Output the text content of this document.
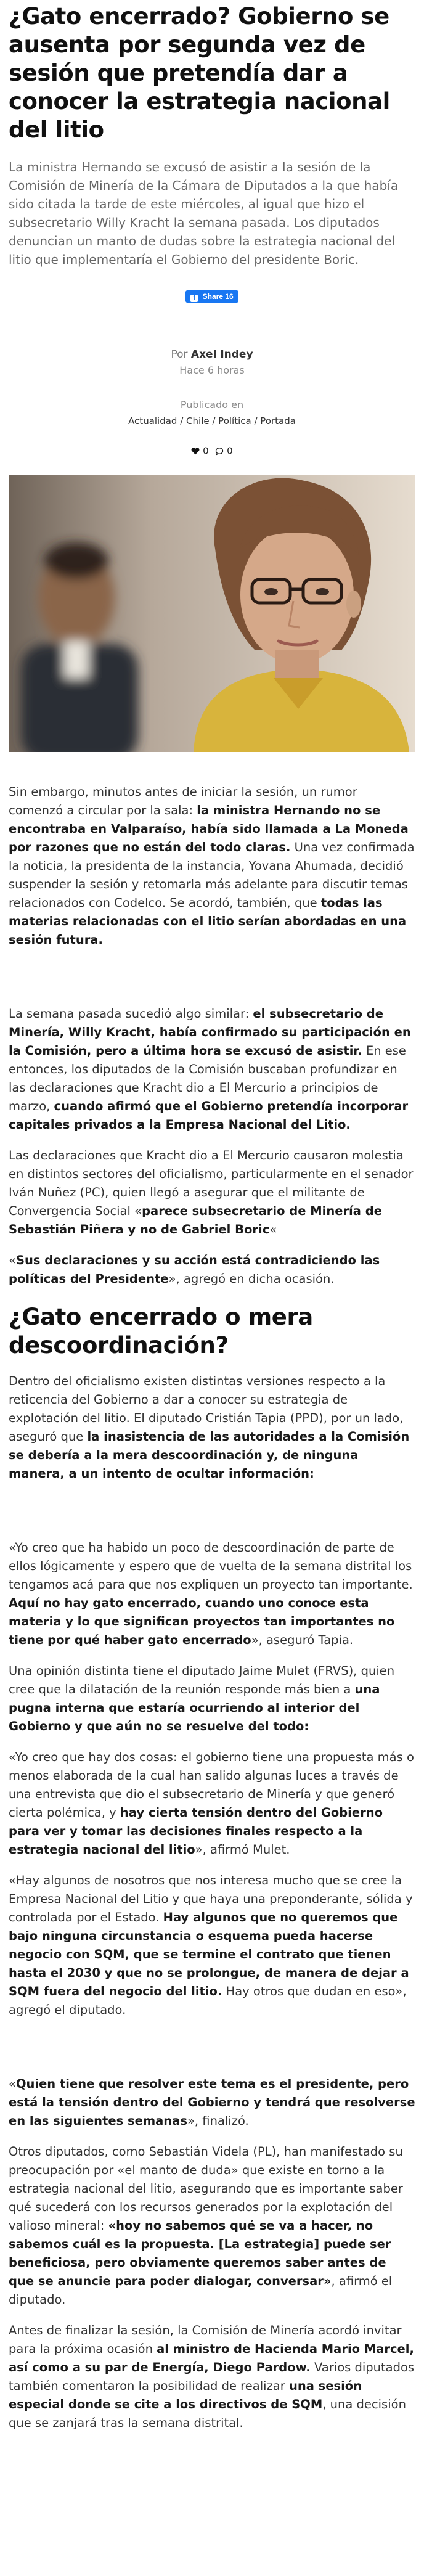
¿Gato encerrado? Gobierno se ausenta por segunda vez de sesión que pretendía dar a conocer la estrategia nacional del litio

La ministra Hernando se excusó de asistir a la sesión de la Comisión de Minería de la Cámara de Diputados a la que había sido citada la tarde de este miércoles, al igual que hizo el subsecretario Willy Kracht la semana pasada. Los diputados denuncian un manto de dudas sobre la estrategia nacional del litio que implementaría el Gobierno del presidente Boric.

f Share 16
Por Axel Indey
Hace 6 horas
Publicado en
Actualidad / Chile / Política / Portada
0 0

Sin embargo, minutos antes de iniciar la sesión, un rumor comenzó a circular por la sala: la ministra Hernando no se encontraba en Valparaíso, había sido llamada a La Moneda por razones que no están del todo claras. Una vez confirmada la noticia, la presidenta de la instancia, Yovana Ahumada, decidió suspender la sesión y retomarla más adelante para discutir temas relacionados con Codelco. Se acordó, también, que todas las materias relacionadas con el litio serían abordadas en una sesión futura.

La semana pasada sucedió algo similar: el subsecretario de Minería, Willy Kracht, había confirmado su participación en la Comisión, pero a última hora se excusó de asistir. En ese entonces, los diputados de la Comisión buscaban profundizar en las declaraciones que Kracht dio a El Mercurio a principios de marzo, cuando afirmó que el Gobierno pretendía incorporar capitales privados a la Empresa Nacional del Litio.

Las declaraciones que Kracht dio a El Mercurio causaron molestia en distintos sectores del oficialismo, particularmente en el senador Iván Nuñez (PC), quien llegó a asegurar que el militante de Convergencia Social «parece subsecretario de Minería de Sebastián Piñera y no de Gabriel Boric«

«Sus declaraciones y su acción está contradiciendo las políticas del Presidente», agregó en dicha ocasión.

¿Gato encerrado o mera descoordinación?

Dentro del oficialismo existen distintas versiones respecto a la reticencia del Gobierno a dar a conocer su estrategia de explotación del litio. El diputado Cristián Tapia (PPD), por un lado, aseguró que la inasistencia de las autoridades a la Comisión se debería a la mera descoordinación y, de ninguna manera, a un intento de ocultar información:

«Yo creo que ha habido un poco de descoordinación de parte de ellos lógicamente y espero que de vuelta de la semana distrital los tengamos acá para que nos expliquen un proyecto tan importante. Aquí no hay gato encerrado, cuando uno conoce esta materia y lo que significan proyectos tan importantes no tiene por qué haber gato encerrado», aseguró Tapia.

Una opinión distinta tiene el diputado Jaime Mulet (FRVS), quien cree que la dilatación de la reunión responde más bien a una pugna interna que estaría ocurriendo al interior del Gobierno y que aún no se resuelve del todo:

«Yo creo que hay dos cosas: el gobierno tiene una propuesta más o menos elaborada de la cual han salido algunas luces a través de una entrevista que dio el subsecretario de Minería y que generó cierta polémica, y hay cierta tensión dentro del Gobierno para ver y tomar las decisiones finales respecto a la estrategia nacional del litio», afirmó Mulet.

«Hay algunos de nosotros que nos interesa mucho que se cree la Empresa Nacional del Litio y que haya una preponderante, sólida y controlada por el Estado. Hay algunos que no queremos que bajo ninguna circunstancia o esquema pueda hacerse negocio con SQM, que se termine el contrato que tienen hasta el 2030 y que no se prolongue, de manera de dejar a SQM fuera del negocio del litio. Hay otros que dudan en eso», agregó el diputado.

«Quien tiene que resolver este tema es el presidente, pero está la tensión dentro del Gobierno y tendrá que resolverse en las siguientes semanas», finalizó.

Otros diputados, como Sebastián Videla (PL), han manifestado su preocupación por «el manto de duda» que existe en torno a la estrategia nacional del litio, asegurando que es importante saber qué sucederá con los recursos generados por la explotación del valioso mineral: «hoy no sabemos qué se va a hacer, no sabemos cuál es la propuesta. [La estrategia] puede ser beneficiosa, pero obviamente queremos saber antes de que se anuncie para poder dialogar, conversar», afirmó el diputado.

Antes de finalizar la sesión, la Comisión de Minería acordó invitar para la próxima ocasión al ministro de Hacienda Mario Marcel, así como a su par de Energía, Diego Pardow. Varios diputados también comentaron la posibilidad de realizar una sesión especial donde se cite a los directivos de SQM, una decisión que se zanjará tras la semana distrital.
